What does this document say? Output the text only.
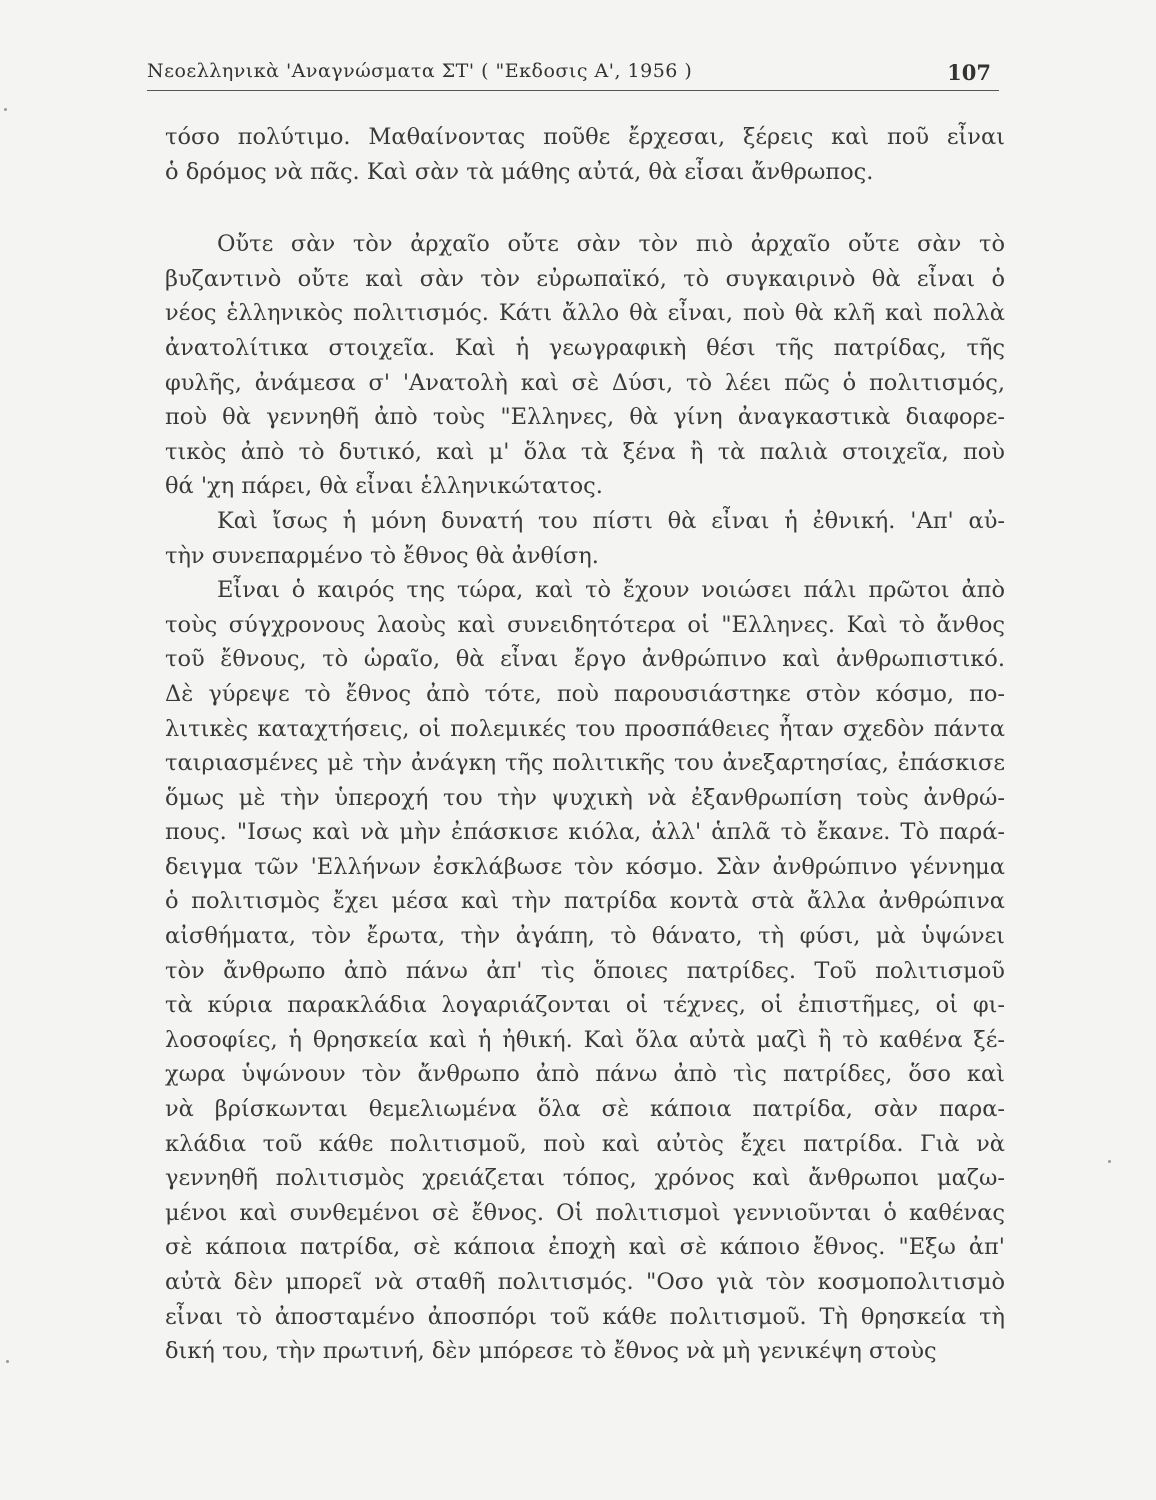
Νεοελληνικὰ 'Αναγνώσματα ΣΤ' ( "Εκδοσις Α', 1956 )	107
τόσο πολύτιμο. Μαθαίνοντας ποῦθε ἔρχεσαι, ξέρεις καὶ ποῦ εἶναι
ὁ δρόμος νὰ πᾶς. Καὶ σὰν τὰ μάθης αὐτά, θὰ εἶσαι ἄνθρωπος.
Οὔτε σὰν τὸν ἀρχαῖο οὔτε σὰν τὸν πιὸ ἀρχαῖο οὔτε σὰν τὸ
βυζαντινὸ οὔτε καὶ σὰν τὸν εὐρωπαϊκό, τὸ συγκαιρινὸ θὰ εἶναι ὁ
νέος ἑλληνικὸς πολιτισμός. Κάτι ἄλλο θὰ εἶναι, ποὺ θὰ κλῆ καὶ πολλὰ
ἀνατολίτικα στοιχεῖα. Καὶ ἡ γεωγραφικὴ θέσι τῆς πατρίδας, τῆς
φυλῆς, ἀνάμεσα σ' 'Ανατολὴ καὶ σὲ Δύσι, τὸ λέει πῶς ὁ πολιτισμός,
ποὺ θὰ γεννηθῆ ἀπὸ τοὺς "Ελληνες, θὰ γίνη ἀναγκαστικὰ διαφορε-
τικὸς ἀπὸ τὸ δυτικό, καὶ μ' ὅλα τὰ ξένα ἢ τὰ παλιὰ στοιχεῖα, ποὺ
θά 'χη πάρει, θὰ εἶναι ἑλληνικώτατος.
Καὶ ἴσως ἡ μόνη δυνατή του πίστι θὰ εἶναι ἡ ἐθνική. 'Απ' αὐ-
τὴν συνεπαρμένο τὸ ἔθνος θὰ ἀνθίση.
Εἶναι ὁ καιρός της τώρα, καὶ τὸ ἔχουν νοιώσει πάλι πρῶτοι ἀπὸ
τοὺς σύγχρονους λαοὺς καὶ συνειδητότερα οἱ "Ελληνες. Καὶ τὸ ἄνθος
τοῦ ἔθνους, τὸ ὡραῖο, θὰ εἶναι ἔργο ἀνθρώπινο καὶ ἀνθρωπιστικό.
Δὲ γύρεψε τὸ ἔθνος ἀπὸ τότε, ποὺ παρουσιάστηκε στὸν κόσμο, πο-
λιτικὲς καταχτήσεις, οἱ πολεμικές του προσπάθειες ἦταν σχεδὸν πάντα
ταιριασμένες μὲ τὴν ἀνάγκη τῆς πολιτικῆς του ἀνεξαρτησίας, ἐπάσκισε
ὅμως μὲ τὴν ὑπεροχή του τὴν ψυχικὴ νὰ ἐξανθρωπίση τοὺς ἀνθρώ-
πους. "Ισως καὶ νὰ μὴν ἐπάσκισε κιόλα, ἀλλ' ἁπλᾶ τὸ ἔκανε. Τὸ παρά-
δειγμα τῶν 'Ελλήνων ἐσκλάβωσε τὸν κόσμο. Σὰν ἀνθρώπινο γέννημα
ὁ πολιτισμὸς ἔχει μέσα καὶ τὴν πατρίδα κοντὰ στὰ ἄλλα ἀνθρώπινα
αἰσθήματα, τὸν ἔρωτα, τὴν ἀγάπη, τὸ θάνατο, τὴ φύσι, μὰ ὑψώνει
τὸν ἄνθρωπο ἀπὸ πάνω ἀπ' τὶς ὅποιες πατρίδες. Τοῦ πολιτισμοῦ
τὰ κύρια παρακλάδια λογαριάζονται οἱ τέχνες, οἱ ἐπιστῆμες, οἱ φι-
λοσοφίες, ἡ θρησκεία καὶ ἡ ἠθική. Καὶ ὅλα αὐτὰ μαζὶ ἢ τὸ καθένα ξέ-
χωρα ὑψώνουν τὸν ἄνθρωπο ἀπὸ πάνω ἀπὸ τὶς πατρίδες, ὅσο καὶ
νὰ βρίσκωνται θεμελιωμένα ὅλα σὲ κάποια πατρίδα, σὰν παρα-
κλάδια τοῦ κάθε πολιτισμοῦ, ποὺ καὶ αὐτὸς ἔχει πατρίδα. Γιὰ νὰ
γεννηθῆ πολιτισμὸς χρειάζεται τόπος, χρόνος καὶ ἄνθρωποι μαζω-
μένοι καὶ συνθεμένοι σὲ ἔθνος. Οἱ πολιτισμοὶ γεννιοῦνται ὁ καθένας
σὲ κάποια πατρίδα, σὲ κάποια ἐποχὴ καὶ σὲ κάποιο ἔθνος. "Εξω ἀπ'
αὐτὰ δὲν μπορεῖ νὰ σταθῆ πολιτισμός. "Οσο γιὰ τὸν κοσμοπολιτισμὸ
εἶναι τὸ ἀποσταμένο ἀποσπόρι τοῦ κάθε πολιτισμοῦ. Τὴ θρησκεία τὴ
δική του, τὴν πρωτινή, δὲν μπόρεσε τὸ ἔθνος νὰ μὴ γενικέψη στοὺς
